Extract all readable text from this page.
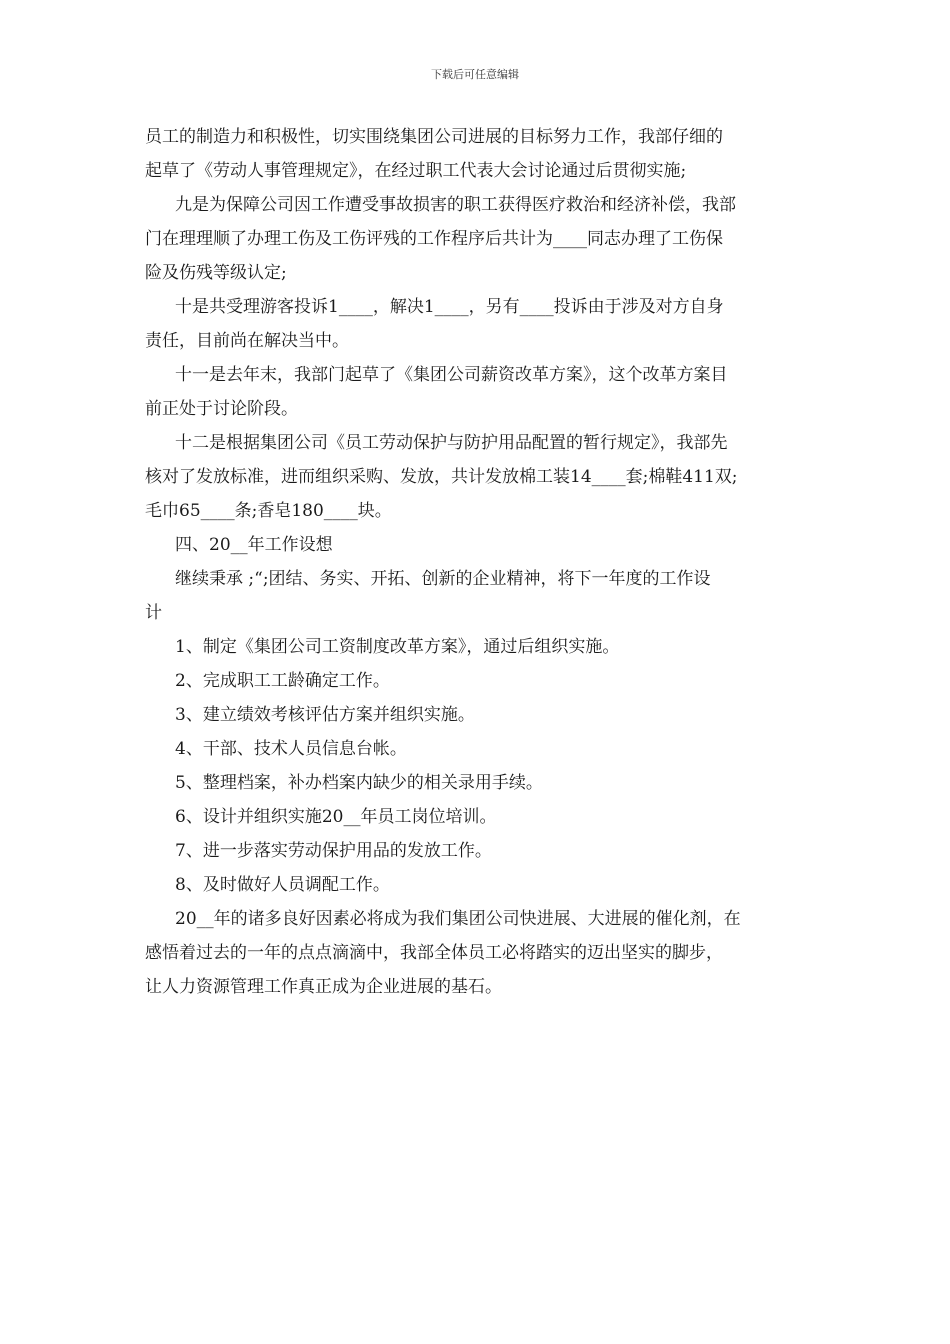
下载后可任意编辑
员工的制造力和积极性，切实围绕集团公司进展的目标努力工作，我部仔细的
起草了《劳动人事管理规定》，在经过职工代表大会讨论通过后贯彻实施;
九是为保障公司因工作遭受事故损害的职工获得医疗救治和经济补偿，我部
门在理理顺了办理工伤及工伤评残的工作程序后共计为____同志办理了工伤保
险及伤残等级认定;
十是共受理游客投诉1____，解决1____，另有____投诉由于涉及对方自身
责任，目前尚在解决当中。
十一是去年末，我部门起草了《集团公司薪资改革方案》，这个改革方案目
前正处于讨论阶段。
十二是根据集团公司《员工劳动保护与防护用品配置的暂行规定》，我部先
核对了发放标准，进而组织采购、发放，共计发放棉工装14____套;棉鞋411双;
毛巾65____条;香皂180____块。
四、20__年工作设想
继续秉承 ;“;团结、务实、开拓、创新的企业精神，将下一年度的工作设
计
1、制定《集团公司工资制度改革方案》，通过后组织实施。
2、完成职工工龄确定工作。
3、建立绩效考核评估方案并组织实施。
4、干部、技术人员信息台帐。
5、整理档案，补办档案内缺少的相关录用手续。
6、设计并组织实施20__年员工岗位培训。
7、进一步落实劳动保护用品的发放工作。
8、及时做好人员调配工作。
20__年的诸多良好因素必将成为我们集团公司快进展、大进展的催化剂，在
感悟着过去的一年的点点滴滴中，我部全体员工必将踏实的迈出坚实的脚步，
让人力资源管理工作真正成为企业进展的基石。
